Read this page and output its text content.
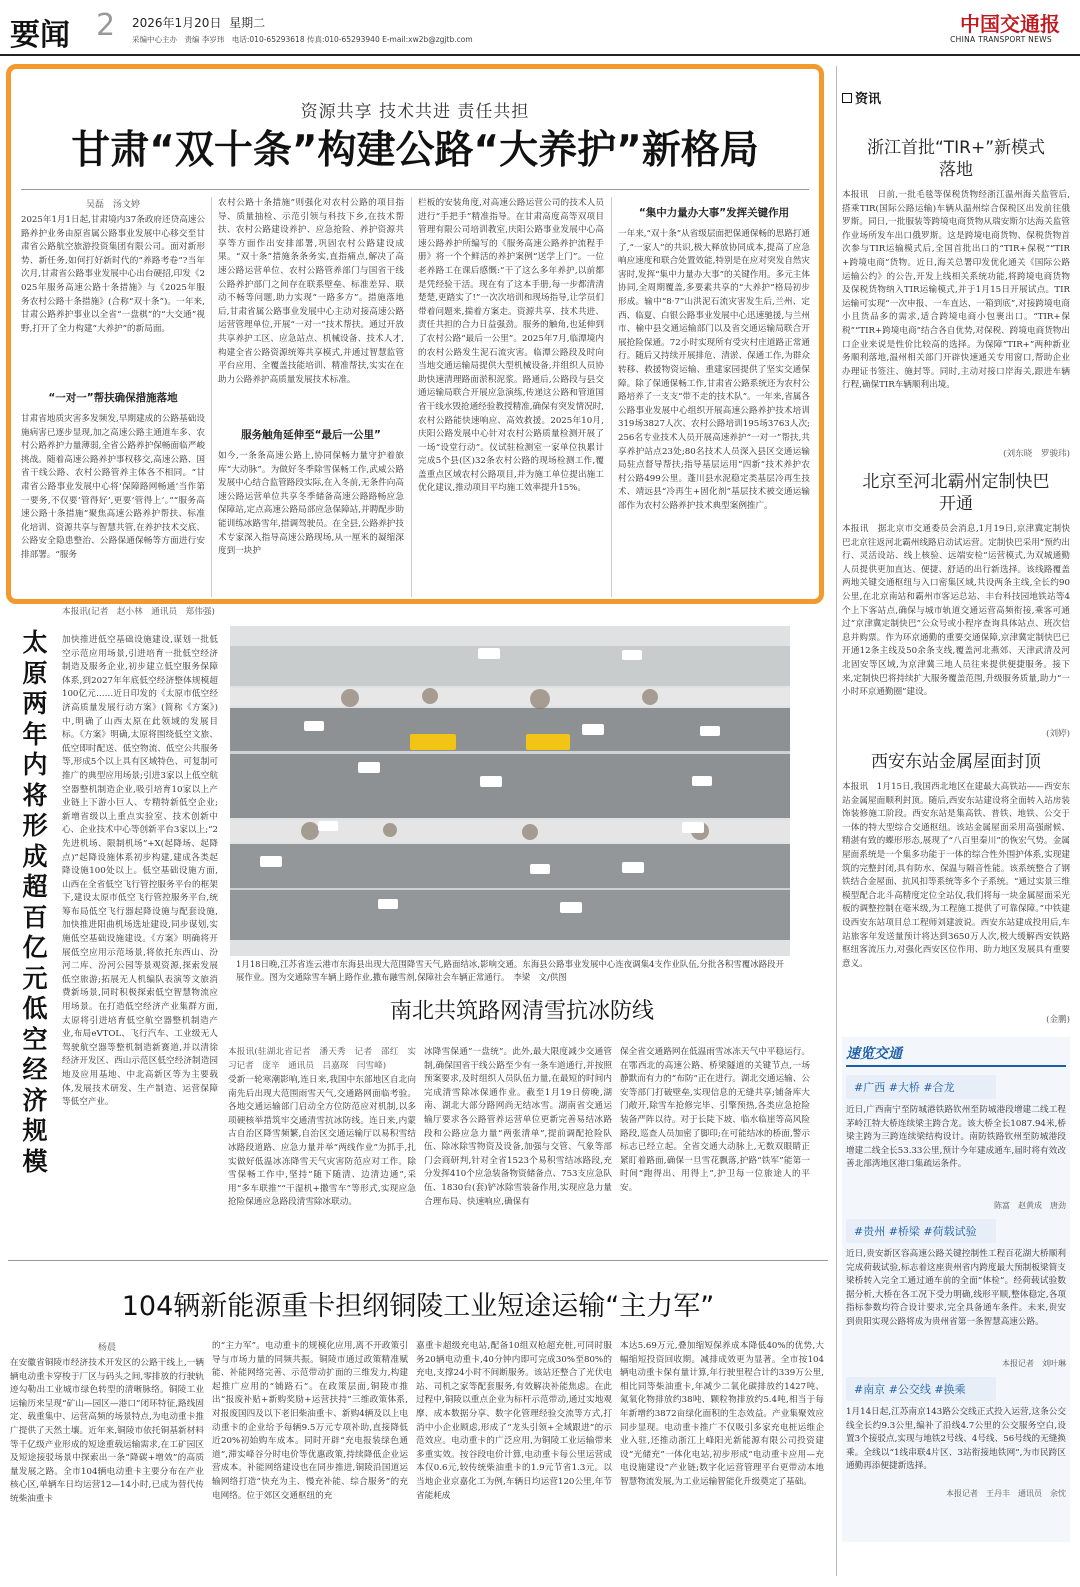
要闻 2 2026年1月20日 星期二
采编中心主办　责编 李岁玮　电话:010-65293618 传真:010-65293940 E-mail:xw2b@zgjtb.com
中国交通报
CHINA TRANSPORT NEWS
资源共享 技术共进 责任共担
甘肃“双十条”构建公路“大养护”新格局
吴磊　汤文婷
2025年1月1日起,甘肃境内37条政府还贷高速公路养护业务由原省属公路事业发展中心移交至甘肃省公路航空旅游投资集团有限公司。面对新形势、新任务,如何打好新时代的“养路考卷”?当年次月,甘肃省公路事业发展中心出台硬招,印发《2025年服务高速公路十条措施》与《2025年服务农村公路十条措施》(合称“双十条”)。一年来,甘肃公路养护事业以全省“一盘棋”的“大交通”视野,打开了全力构建“大养护”的新局面。
“一对一”帮扶确保措施落地
甘肃省地质灾害多发频发,早期建成的公路基础设施病害已逐步显现,加之高速公路主通道车多、农村公路养护力量薄弱,全省公路养护保畅面临严峻挑战。随着高速公路养护事权移交,高速公路、国省干线公路、农村公路管养主体各不相同。“甘肃省公路事业发展中心将‘保障路网畅通’当作第一要务,不仅要‘管得好’,更要‘管得上’。”“服务高速公路十条措施”聚焦高速公路养护帮扶、标准化培训、资源共享与智慧共管,在养护技术交底、公路安全隐患整治、公路保通保畅等方面进行安排部署。“服务
农村公路十条措施”则强化对农村公路的项目指导、质量抽检、示范引领与科技下乡,在技术帮扶、农村公路建设养护、应急抢险、养护资源共享等方面作出安排部署,巩固农村公路建设成果。“双十条”措施条条务实,直指痛点,解决了高速公路运营单位、农村公路管养部门与国省干线公路养护部门之间存在联系壁垒、标准差异、联动不畅等问题,助力实现“一路多方”。措施落地后,甘肃省属公路事业发展中心主动对接高速公路运营管理单位,开展“一对一”技术帮扶。通过开放共享养护工区、应急站点、机械设备、技术人才,构建全省公路资源统筹共享模式,并通过智慧监管平台应用、全覆盖技能培训、精准帮扶,实实在在助力公路养护高质量发展技术标准。
服务触角延伸至“最后一公里”
如今,一条条高速公路上,协同保畅力量守护着旅库“大动脉”。为做好冬季除雪保畅工作,武威公路发展中心结合监管路段实际,在入冬前,无条件向高速公路运营单位共享冬季储备高速公路路畅应急保障站,定点高速公路局部应急保障站,并聘配步助能训练冰路雪年,措调驾驶员。在全县,公路养护技术专家深入指导高速公路现场,从一厘米的凝缩深度到一块护
栏板的安装角度,对高速公路运营公司的技术人员进行“手把手”精准指导。在甘肃高度高等双项目管理有限公司培训教室,庆阳公路事业发展中心高速公路养护所编写的《服务高速公路养护流程手册》将一个个鲜活的养护案例“送学上门”。一位老养路工在课后感慨:“干了这么多年养护,以前都是凭经验干活。现在有了这本手册,每一步都清清楚楚,更踏实了!”一次次培训和现场指导,让学员们带着问题来,揣着方案走。资源共享、技术共进、责任共担的合力日益强劲。服务的触角,也延伸到了农村公路“最后一公里”。2025年7月,临潭境内的农村公路发生泥石流灾害。临潭公路段及时向当地交通运输局提供大型机械设备,并组织人员协助快速清理路面淤积泥浆。路通后,公路段与县交通运输局联合开展应急演练,传递这公路和管道国省干线水毁抢通经验教授精准,确保有突发情况时,农村公路能快速响应、高效救援。2025年10月,庆阳公路发展中心针对农村公路质量检测开展了一场“设堂行动”。仪试驻检测室一家单位执累计完成5个县(区)32条农村公路的现场检测工作,覆盖重点区域农村公路项目,并为施工单位提出施工优化建议,推动项目平均施工效率提升15%。
“集中力量办大事”发挥关键作用
一年来,“双十条”从省级层面把保通保畅的思路打通了,“一家人”的共识,极大释放协同成本,提高了应急响应速度和联合处置效能,特别是在应对突发自然灾害时,发挥“集中力量办大事”的关键作用。多元主体协同,全周期覆盖,多要素共享的“大养护”格局初步形成。输中“8·7”山洪泥石流灾害发生后,兰州、定西、临夏、白银公路事业发展中心迅速驰援,与兰州市、榆中县交通运输部门以及省交通运输局联合开展抢险保通。72小时实现所有受灾村庄道路正常通行。随后又持续开展排危、清淤、保通工作,为群众转移、救援物资运输、重建家园提供了坚实交通保障。除了保通保畅工作,甘肃省公路系统还为农村公路培养了一支支“带不走的技术队”。一年来,省属各公路事业发展中心组织开展高速公路养护技术培训319场3827人次、农村公路培训195场3763人次;256名专业技术人员开展高速养护“一对一”帮扶,共享养护站点23处;80名技术人员深入县区交通运输局驻点督导帮扶;指导基层运用“四新”技术养护农村公路499公里。蓬川县水泥稳定类基层冷再生技术、靖远县“冷再生+固化剂”基层技术被交通运输部作为农村公路养护技术典型案例推广。
资讯
浙江首批“TIR+”新模式落地
本报讯　日前,一批毛毯等保税货物经浙江温州海关监管后,搭乘TIR(国际公路运输)车辆从温州综合保税区出发前往俄罗斯。同日,一批服装等跨境电商货物从瑞安斯尔达海关监管作业场所发车出口俄罗斯。这是跨境电商货物、保税货物首次参与TIR运输模式后,全国首批出口的“TIR+保税”“TIR+跨境电商”货物。近日,海关总署印发优化通关《国际公路运输公约》的公告,开发上线相关系统功能,将跨境电商货物及保税货物纳入TIR运输模式,并于1月15日开展试点。TIR运输可实现“一次申报、一车直达、一箱到底”,对接跨境电商小且货品多的需求,适合跨境电商小包裹出口。“TIR+保税”“TIR+跨境电商”结合各自优势,对保税、跨境电商货物出口企业来说是性价比较高的选择。为保障“TIR+”两种新业务顺利落地,温州相关部门开辟快速通关专用窗口,帮助企业办理证书签注、施封等。同时,主动对接口岸海关,跟进车辆行程,确保TIR车辆顺利出境。
(刘东晓　罗骏玮)
北京至河北霸州定制快巴开通
本报讯　据北京市交通委员会消息,1月19日,京津冀定制快巴北京往返河北霸州线路启动试运营。定制快巴采用“预约出行、灵活设站、线上核验、远端安检”运营模式,为双城通勤人员提供更加直达、便捷、舒适的出行新选择。该线路覆盖两地关键交通枢纽与入口密集区域,共设两条主线,全长约90公里,在北京南站和霸州市客运总站、丰台科技园地铁站等4个上下客站点,确保与城市轨道交通运营高频衔接,乘客可通过“京津冀定制快巴”公众号或小程序查询具体站点、班次信息并购票。作为环京通勤的重要交通保障,京津冀定制快巴已开通12条主线及50余条支线,覆盖河北燕郊、天津武清及河北固安等区域,为京津冀三地人员往来提供便捷服务。接下来,定制快巴将持续扩大服务覆盖范围,升级服务质量,助力“一小时环京通勤圈”建设。
(刘婷)
西安东站金属屋面封顶
本报讯　1月15日,我国西北地区在建最大高铁站——西安东站金属屋面顺利封顶。随后,西安东站建设将全面转入站房装饰装修施工阶段。西安东站是集高铁、普铁、地铁、公交于一体的特大型综合交通枢纽。该站金属屋面采用高强耐候、精湛有致的蝶形形态,展现了“八百里秦川”的恢宏气势。金属屋面系统是一个集多功能于一体的综合性外围护体系,实现建筑的完整封闭,具有防水、保温与隔音性能。该系统整合了钢铁结合金屋面、抗风扣等系统等多个子系统。“通过实景三维模型配合北斗高精度定位全站仪,我们将每一块金属屋面采光板的调整控制在毫米级,为工程施工提供了可靠保障。”中铁建设西安东站项目总工程师刘建波说。西安东站建成投用后,车站旅客年发送量预计将达到3650万人次,极大缓解西安铁路枢纽客流压力,对强化西安区位作用、助力地区发展具有重要意义。
(金鹏)
速览交通
#广西 #大桥 #合龙
近日,广西南宁至防城港铁路钦州至防城港段增建二线工程茅岭江特大桥连续梁主跨合龙。该大桥全长1087.94米,桥梁主跨为三跨连续梁结构设计。南防铁路钦州至防城港段增建二线全长53.33公里,预计今年建成通车,届时将有效改善北部湾地区港口集疏运条件。
陈富　赵黄成　唐劲
#贵州 #桥梁 #荷载试验
近日,贵安新区容高速公路关键控制性工程百花湖大桥顺利完成荷载试验,标志着这座贵州省内跨度最大预制板梁简支梁桥转入完全工通过通车前的全面“体检”。经荷载试验数据分析,大桥在各工况下受力明确,线形平顺,整体稳定,各项指标参数均符合设计要求,完全具备通车条件。未来,贵安到贵阳实现公路将成为贵州省第一条智慧高速公路。
本报记者　刘叶琳
#南京 #公交线 #换乘
1月14日起,江苏南京143路公交线正式投入运营,这条公交线全长约9.3公里,编补了沿线4.7公里的公交服务空白,设置3个接驳点,实现与地铁2号线、4号线、56号线的无缝换乘。全线以“1线串联4片区、3站衔接地铁网”,为市民跨区通勤再添便捷新选择。
本报记者　王丹丰　通讯员　余忱
太原两年内将形成超百亿元低空经济规模
本报讯(记者　赵小林　通讯员　郑伟强)
加快推进低空基础设施建设,谋划一批低空示范应用场景,引进培育一批低空经济制造及服务企业,初步建立低空服务保障体系,到2027年年底低空经济整体规模超100亿元……近日印发的《太原市低空经济高质量发展行动方案》(简称《方案》)中,明确了山西太原在此领域的发展目标。《方案》明确,太原将围绕低空文旅、低空即时配送、低空物流、低空公共服务等,形成5个以上具有区域特色、可复制可推广的典型应用场景;引进3家以上低空航空器整机制造企业,吸引培育10家以上产业链上下游小巨人、专精特新低空企业;新增省级以上重点实验室、技术创新中心、企业技术中心等创新平台3家以上;“2先进机场、限制机场”+X(起降场、起降点)”起降设施体系初步构建,建成各类起降设施100处以上。低空基础设施方面,山西在全省低空飞行管控服务平台的框架下,建设太原市低空飞行管控服务平台,统筹布局低空飞行器起降设施与配套设施,加快推进阳曲机场选址建设,同步谋划,实施低空基础设施建设。《方案》明确将开展低空应用示范场景,将依托东西山、汾河二库、汾河公园等景观资源,探索发展低空旅游;拓展无人机编队表演等文旅消费新场景,同时积极探索低空智慧物流应用场景。在打造低空经济产业集群方面,太原将引进培育低空航空器整机制造产业,布局eVTOL、飞行汽车、工业级无人驾驶航空器等整机制造新赛道,并以清徐经济开发区、西山示范区低空经济制造园地及应用基地、中北高新区等为主要载体,发展技术研发、生产制造、运营保障等低空产业。
1月18日晚,江苏省连云港市东海县出现大范围降雪天气,路面结冰,影响交通。东海县公路事业发展中心连夜调集4支作业队伍,分批各积雪覆冰路段开展作业。图为交通除雪车辆上路作业,撒布融雪剂,保障社会车辆正常通行。　李梁　文/供图
南北共筑路网清雪抗冰防线
本报讯(驻湖北省记者　潘天秀　记者　邵红　实习记者　庞辛　通讯员　吕嘉琛　闫雪峰)
受新一轮寒潮影响,连日来,我国中东部地区自北向南先后出现大范围雨雪天气,交通路网面临考验。各地交通运输部门启动全方位防范应对机制,以多项硬核举措筑牢交通清雪抗冰防线。连日来,内蒙古自治区降雪频繁,自治区交通运输厅以易积雪结冰路段道路、应急力量并举“两线作业”为抓手,扎实做好低温冰冻降雪天气灾害防范应对工作。除雪保畅工作中,坚持“随下随清、边清边通”,采用“多车联推”“干湿机+撒雪车”等形式,实现应急抢险保通应急路段清雪除冰联动。
冰降雪保通”一盘统”。此外,最大限度减少交通管制,确保国省干线公路至少有一条车道通行,并按照预案要求,及时组织人员队伍力量,在最短的时间内完成清雪除冰保通作业。截至1月19日傍晚,湖南、湖北大部分路网尚无结冰雪。湖南省交通运输厅要求各公路管养运营单位更新完善易结冰路段和公路应急力量“两张清单”,提前调配抢险队伍、除冰除雪物资及设备,加强与交管、气象等部门会商研判,针对全省1523个易积雪结冰路段,充分发挥410个应急装备物资储备点、753支应急队伍、1830台(套)铲冰除雪装备作用,实现应急力量合理布局、快速响应,确保有
保全省交通路网在低温雨雪冰冻天气中平稳运行。在鄂西北的高速公路、桥梁隧道的关键节点,一场静默而有力的“布防”正在进行。湖北交通运输、公安等部门打破壁垒,实现信息的无缝共享;铺备库大门敞开,除雪车抢修完毕、引擎预热,各类应急抢险装备严阵以待。对于长陡下坡、临水临崖等高风险路段,巡查人员加密了脚印;在可能结冰的桥面,警示标志已经立起。全省交通大动脉上,无数双眼睛正紧盯着路面,确保一旦雪花飘落,护路“铁军”能第一时间“跑得出、用得上”,护卫每一位旅途人的平安。
104辆新能源重卡担纲铜陵工业短途运输“主力军”
杨晨
在安徽省铜陵市经济技术开发区的公路干线上,一辆辆电动重卡穿梭于厂区与码头之间,零排放的行驶轨迹勾勒出工业城市绿色转型的清晰脉络。铜陵工业运输历来呈现“矿山—园区—港口”闭环特征,路线固定、载重集中、运营高频的场景特点,为电动重卡推广提供了天然土壤。近年来,铜陵市依托铜基新材料等千亿级产业形成的短途重载运输需求,在工矿园区及短途接驳场景中探索出一条“降碳+增效”的高质量发展之路。全市104辆电动重卡主要分布在产业核心区,单辆车日均运营12—14小时,已成为替代传统柴油重卡
的“主力军”。电动重卡的规模化应用,离不开政策引导与市场力量的同频共振。铜陵市通过政策精准赋能、补能网络完善、示范带动扩面的三维发力,构建起推广应用的“铺路石”。在政策层面,铜陵市推出“报废补贴+新购奖励+运营扶持”三维政策体系,对报废国四及以下老旧柴油重卡、新购4辆及以上电动重卡的企业给予每辆9.5万元专项补助,直接降低近20%初始购车成本。同时开辟“充电报装绿色通道”,滞实峰谷分时电价等优惠政策,持续降低企业运营成本。补能网络建设也在同步推进,铜陵沿国道运输网络打造“快充为主、慢充补能、综合服务”的充电网络。位于郊区交通枢纽的充
嘉重卡超级充电站,配备10组双枪超充桩,可同时服务20辆电动重卡,40分钟内即可完成30%至80%的充电,支撑24小时不间断服务。该站还整合了光伏电站、司机之家等配套服务,有效解决补能焦虑。在此过程中,铜陵以重点企业为标杆示范带动,通过实地观摩、成本数据分享、数字化管理经验交流等方式,打消中小企业顾虑,形成了“龙头引领+全域跟进”的示范效应。电动重卡的广泛应用,为铜陵工业运输带来多重实效。按谷段电价计算,电动重卡每公里运营成本仅0.6元,较传统柴油重卡的1.9元节省1.3元。以当地企业京嘉化工为例,车辆日均运营120公里,年节省能耗成
本达5.69万元,叠加缩短保养成本降低40%的优势,大幅缩短投资回收期。减排成效更为显著。全市按104辆电动重卡保有量计算,年行驶里程合计约339万公里,相比同等柴油重卡,年减少二氧化碳排放约1427吨、氮氧化物排放约38吨、颗粒物排放约5.4吨,相当于每年新增约3872亩绿化面积的生态效益。产业集聚效应同步显现。电动重卡推广不仅吸引多家充电桩运维企业入驻,还推动浙江上峰阳光新能源有限公司投资建设“光储充”一体化电站,初步形成“电动重卡应用—充电设施建设”产业链;数字化运营管理平台更带动本地智慧物流发展,为工业运输智能化升级奠定了基础。
